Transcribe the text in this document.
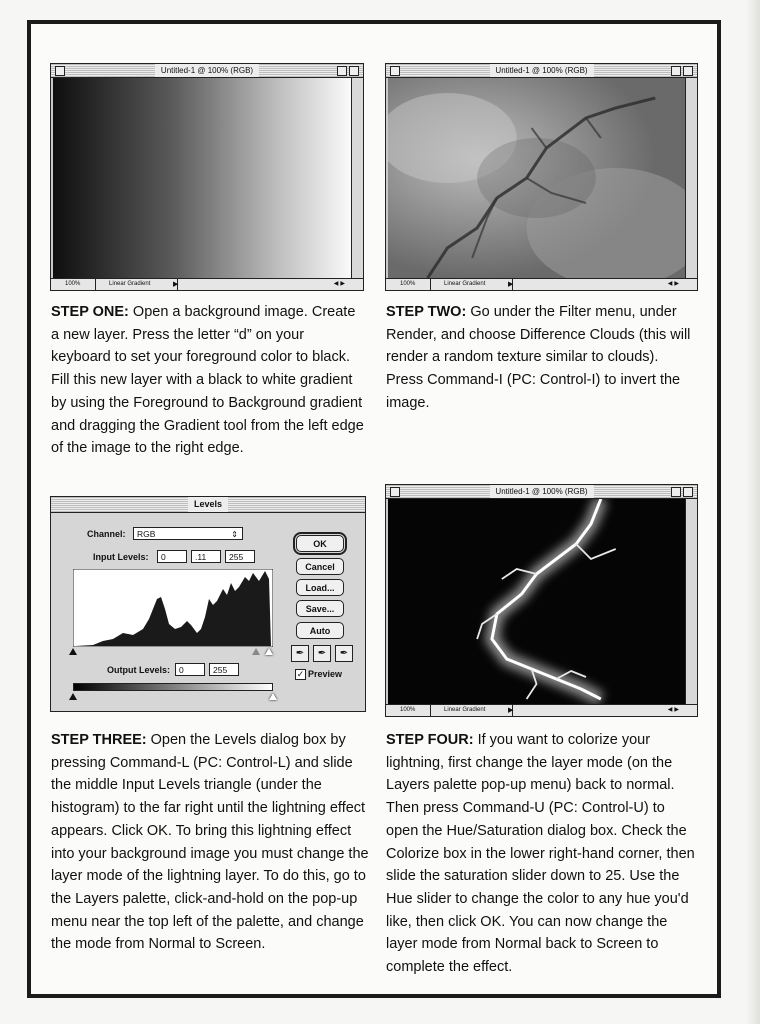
Untitled-1 @ 100% (RGB)
100%	Linear Gradient	▶	◀▶
Untitled-1 @ 100% (RGB)
100%	Linear Gradient	▶	◀▶
STEP ONE: Open a background image. Create a new layer. Press the letter “d” on your keyboard to set your foreground color to black. Fill this new layer with a black to white gradient by using the Foreground to Background gradient and dragging the Gradient tool from the left edge of the image to the right edge.
STEP TWO: Go under the Filter menu, under Render, and choose Difference Clouds (this will render a random texture similar to clouds). Press Command-I (PC: Control-I) to invert the image.
Levels
Channel:	RGB	⇕
Input Levels:	0	.11	255
Output Levels:	0	255
OK
Cancel
Load...
Save...
Auto
✒	✒	✒
✓ Preview
Untitled-1 @ 100% (RGB)
100%	Linear Gradient	▶	◀▶
STEP THREE: Open the Levels dialog box by pressing Command-L (PC: Control-L) and slide the middle Input Levels triangle (under the histogram) to the far right until the lightning effect appears. Click OK. To bring this lightning effect into your background image you must change the layer mode of the lightning layer. To do this, go to the Layers palette, click-and-hold on the pop-up menu near the top left of the palette, and change the mode from Normal to Screen.
STEP FOUR: If you want to colorize your lightning, first change the layer mode (on the Layers palette pop-up menu) back to normal. Then press Command-U (PC: Control-U) to open the Hue/Saturation dialog box. Check the Colorize box in the lower right-hand corner, then slide the saturation slider down to 25. Use the Hue slider to change the color to any hue you'd like, then click OK. You can now change the layer mode from Normal back to Screen to complete the effect.
